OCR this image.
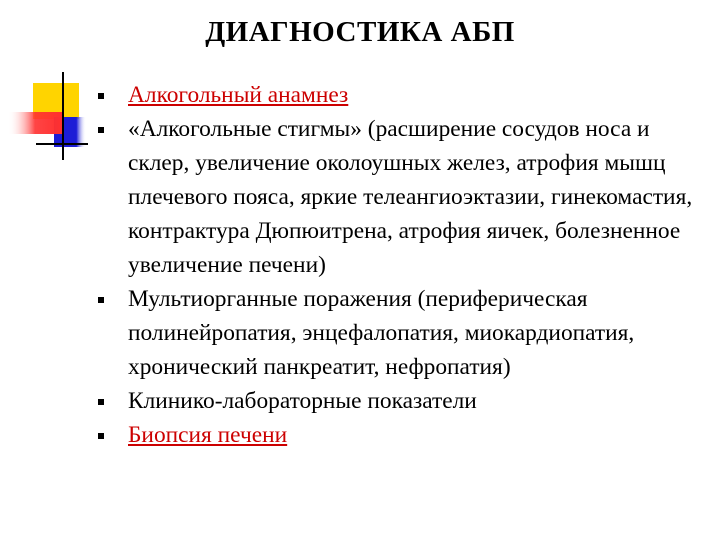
ДИАГНОСТИКА АБП
Алкогольный анамнез
«Алкогольные стигмы» (расширение сосудов носа и склер, увеличение околоушных желез, атрофия мышц плечевого пояса, яркие телеангиоэктазии, гинекомастия, контрактура Дюпюитрена, атрофия яичек, болезненное увеличение печени)
Мультиорганные поражения (периферическая полинейропатия, энцефалопатия, миокардиопатия, хронический панкреатит, нефропатия)
Клинико-лабораторные показатели
Биопсия печени
